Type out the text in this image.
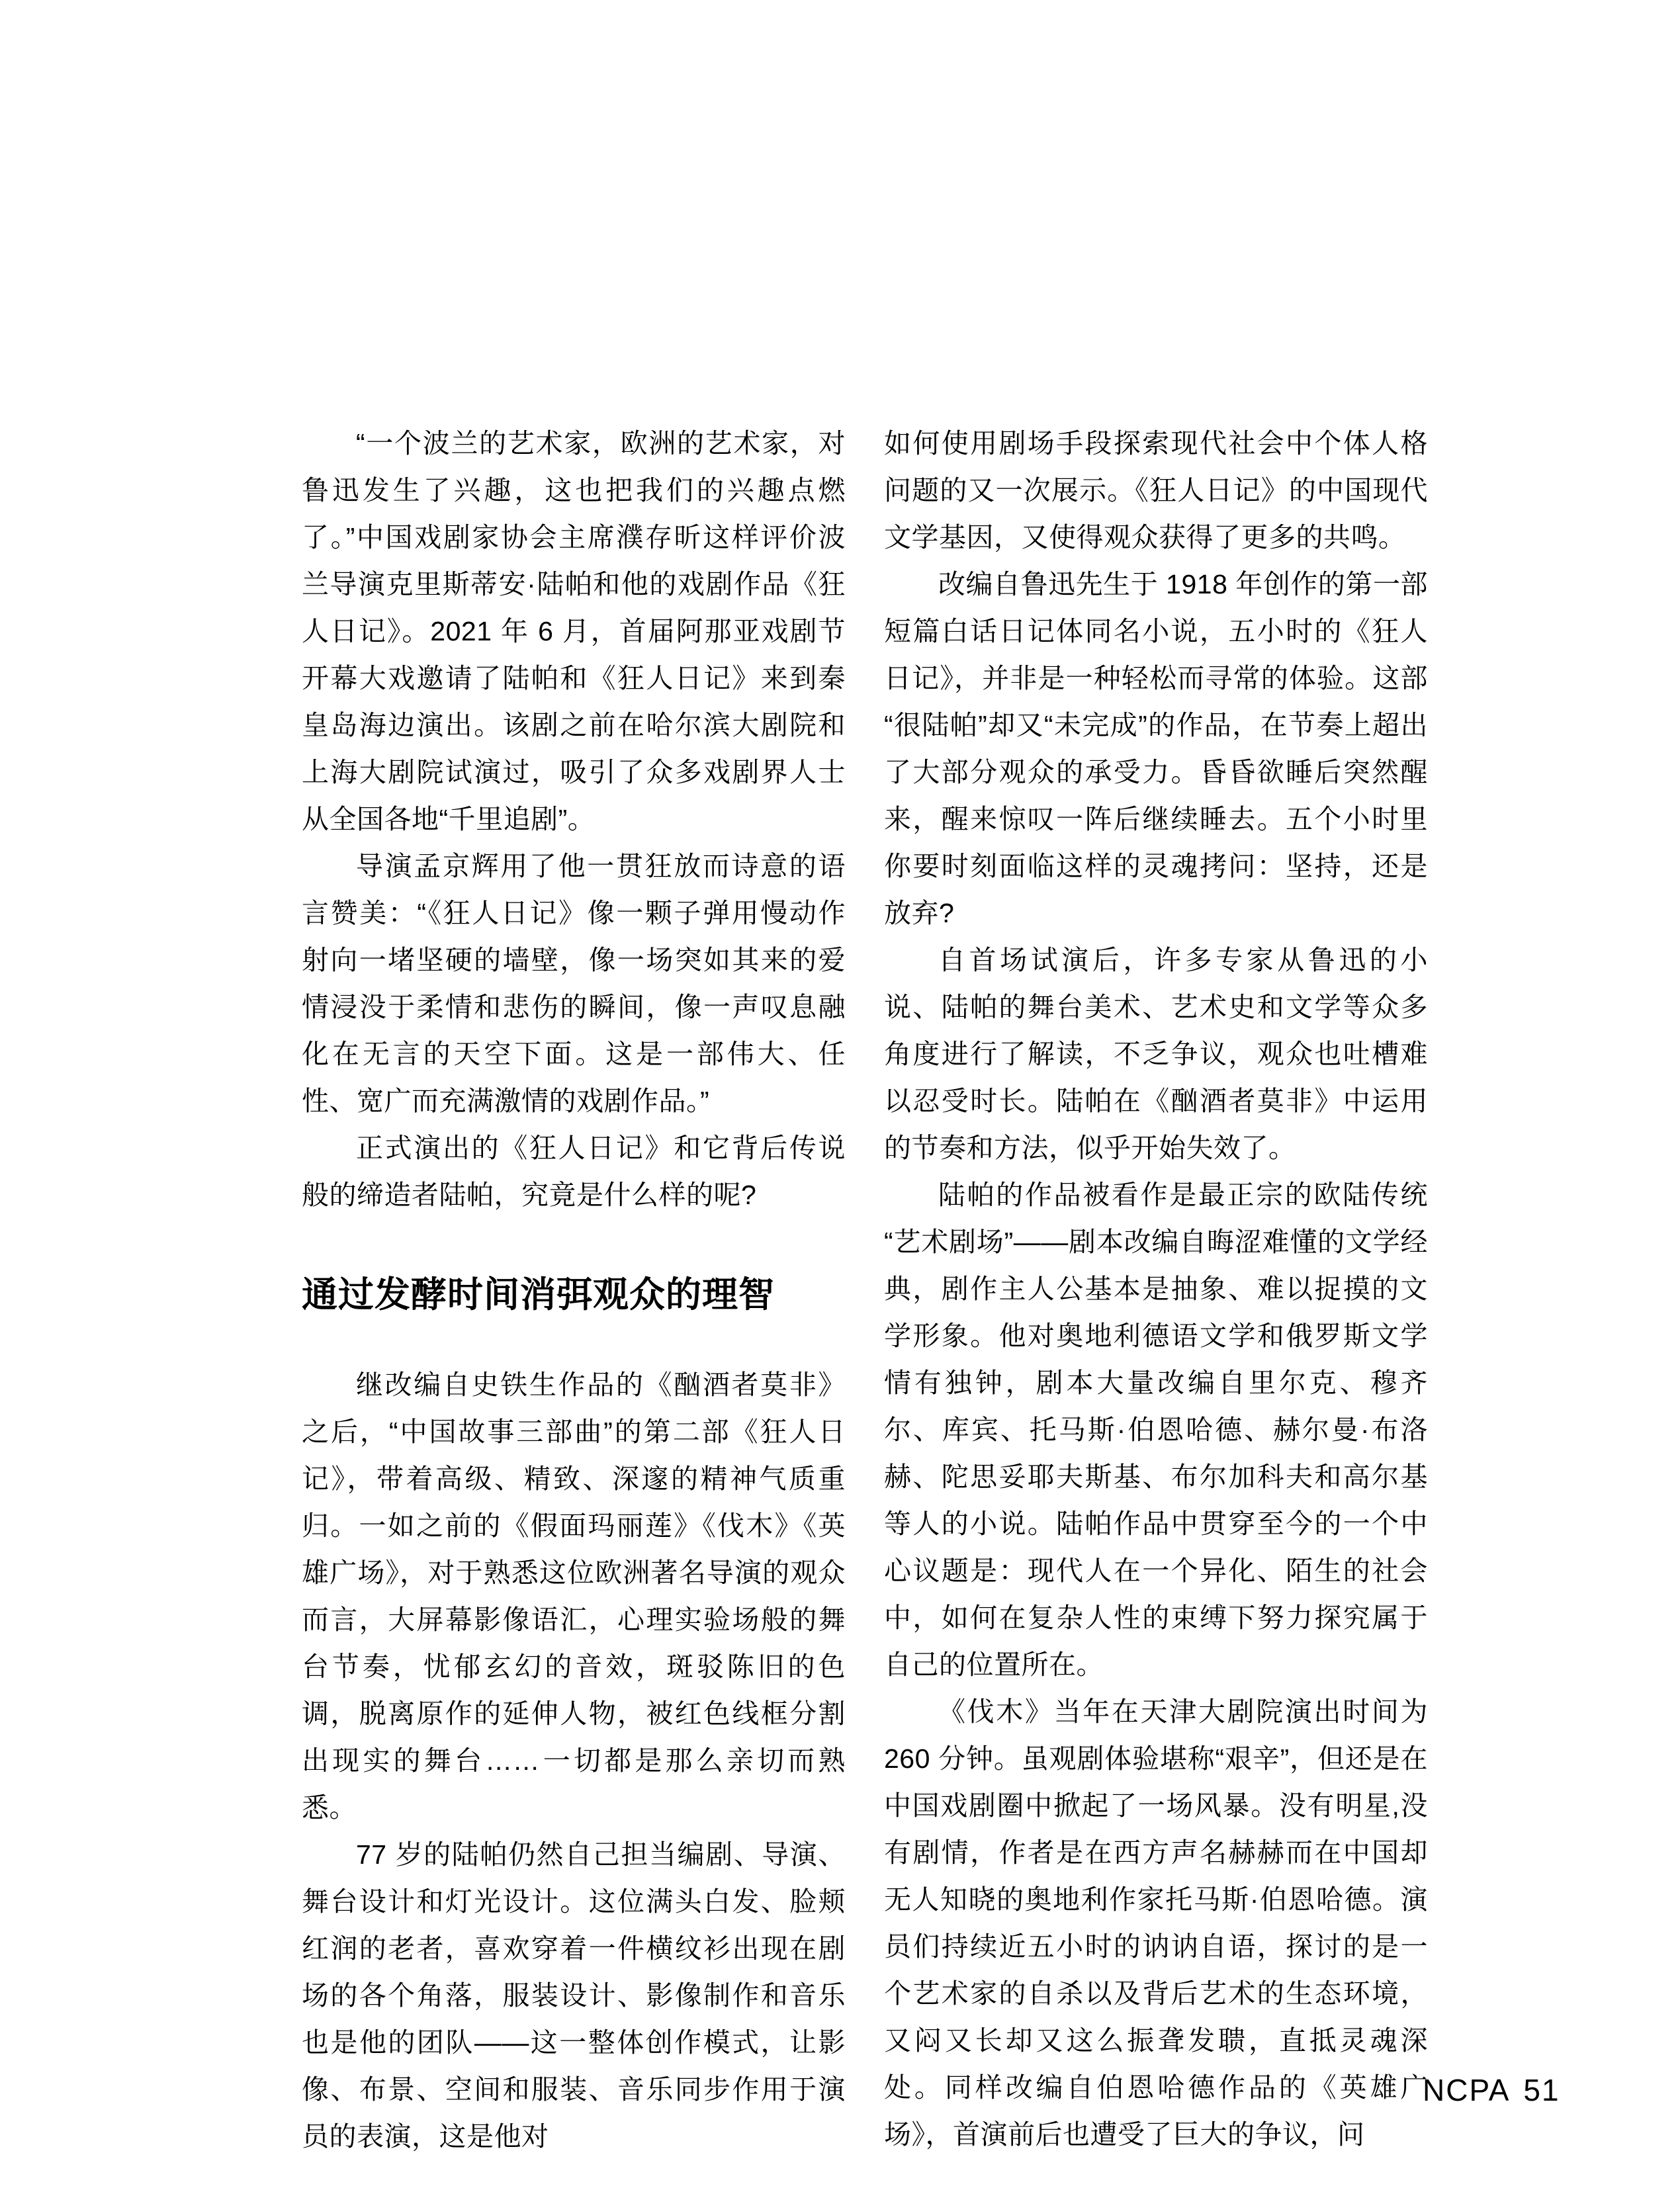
“一个波兰的艺术家，欧洲的艺术家，对鲁迅发生了兴趣，这也把我们的兴趣点燃了。”中国戏剧家协会主席濮存昕这样评价波兰导演克里斯蒂安·陆帕和他的戏剧作品《狂人日记》。2021 年 6 月，首届阿那亚戏剧节开幕大戏邀请了陆帕和《狂人日记》来到秦皇岛海边演出。该剧之前在哈尔滨大剧院和上海大剧院试演过，吸引了众多戏剧界人士从全国各地“千里追剧”。

导演孟京辉用了他一贯狂放而诗意的语言赞美：“《狂人日记》像一颗子弹用慢动作射向一堵坚硬的墙壁，像一场突如其来的爱情浸没于柔情和悲伤的瞬间，像一声叹息融化在无言的天空下面。这是一部伟大、任性、宽广而充满激情的戏剧作品。”

正式演出的《狂人日记》和它背后传说般的缔造者陆帕，究竟是什么样的呢?

通过发酵时间消弭观众的理智

继改编自史铁生作品的《酗酒者莫非》之后，“中国故事三部曲”的第二部《狂人日记》，带着高级、精致、深邃的精神气质重归。一如之前的《假面玛丽莲》《伐木》《英雄广场》，对于熟悉这位欧洲著名导演的观众而言，大屏幕影像语汇，心理实验场般的舞台节奏，忧郁玄幻的音效，斑驳陈旧的色调，脱离原作的延伸人物，被红色线框分割出现实的舞台……一切都是那么亲切而熟悉。

77 岁的陆帕仍然自己担当编剧、导演、舞台设计和灯光设计。这位满头白发、脸颊红润的老者，喜欢穿着一件横纹衫出现在剧场的各个角落，服装设计、影像制作和音乐也是他的团队——这一整体创作模式，让影像、布景、空间和服装、音乐同步作用于演员的表演，这是他对

如何使用剧场手段探索现代社会中个体人格问题的又一次展示。《狂人日记》的中国现代文学基因，又使得观众获得了更多的共鸣。

改编自鲁迅先生于 1918 年创作的第一部短篇白话日记体同名小说，五小时的《狂人日记》，并非是一种轻松而寻常的体验。这部“很陆帕”却又“未完成”的作品，在节奏上超出了大部分观众的承受力。昏昏欲睡后突然醒来，醒来惊叹一阵后继续睡去。五个小时里你要时刻面临这样的灵魂拷问：坚持，还是放弃?

自首场试演后，许多专家从鲁迅的小说、陆帕的舞台美术、艺术史和文学等众多角度进行了解读，不乏争议，观众也吐槽难以忍受时长。陆帕在《酗酒者莫非》中运用的节奏和方法，似乎开始失效了。

陆帕的作品被看作是最正宗的欧陆传统“艺术剧场”——剧本改编自晦涩难懂的文学经典，剧作主人公基本是抽象、难以捉摸的文学形象。他对奥地利德语文学和俄罗斯文学情有独钟，剧本大量改编自里尔克、穆齐尔、库宾、托马斯·伯恩哈德、赫尔曼·布洛赫、陀思妥耶夫斯基、布尔加科夫和高尔基等人的小说。陆帕作品中贯穿至今的一个中心议题是：现代人在一个异化、陌生的社会中，如何在复杂人性的束缚下努力探究属于自己的位置所在。

《伐木》当年在天津大剧院演出时间为 260 分钟。虽观剧体验堪称“艰辛”，但还是在中国戏剧圈中掀起了一场风暴。没有明星,没有剧情，作者是在西方声名赫赫而在中国却无人知晓的奥地利作家托马斯·伯恩哈德。演员们持续近五小时的讷讷自语，探讨的是一个艺术家的自杀以及背后艺术的生态环境，又闷又长却又这么振聋发聩，直抵灵魂深处。同样改编自伯恩哈德作品的《英雄广场》，首演前后也遭受了巨大的争议，问

NCPA 51
